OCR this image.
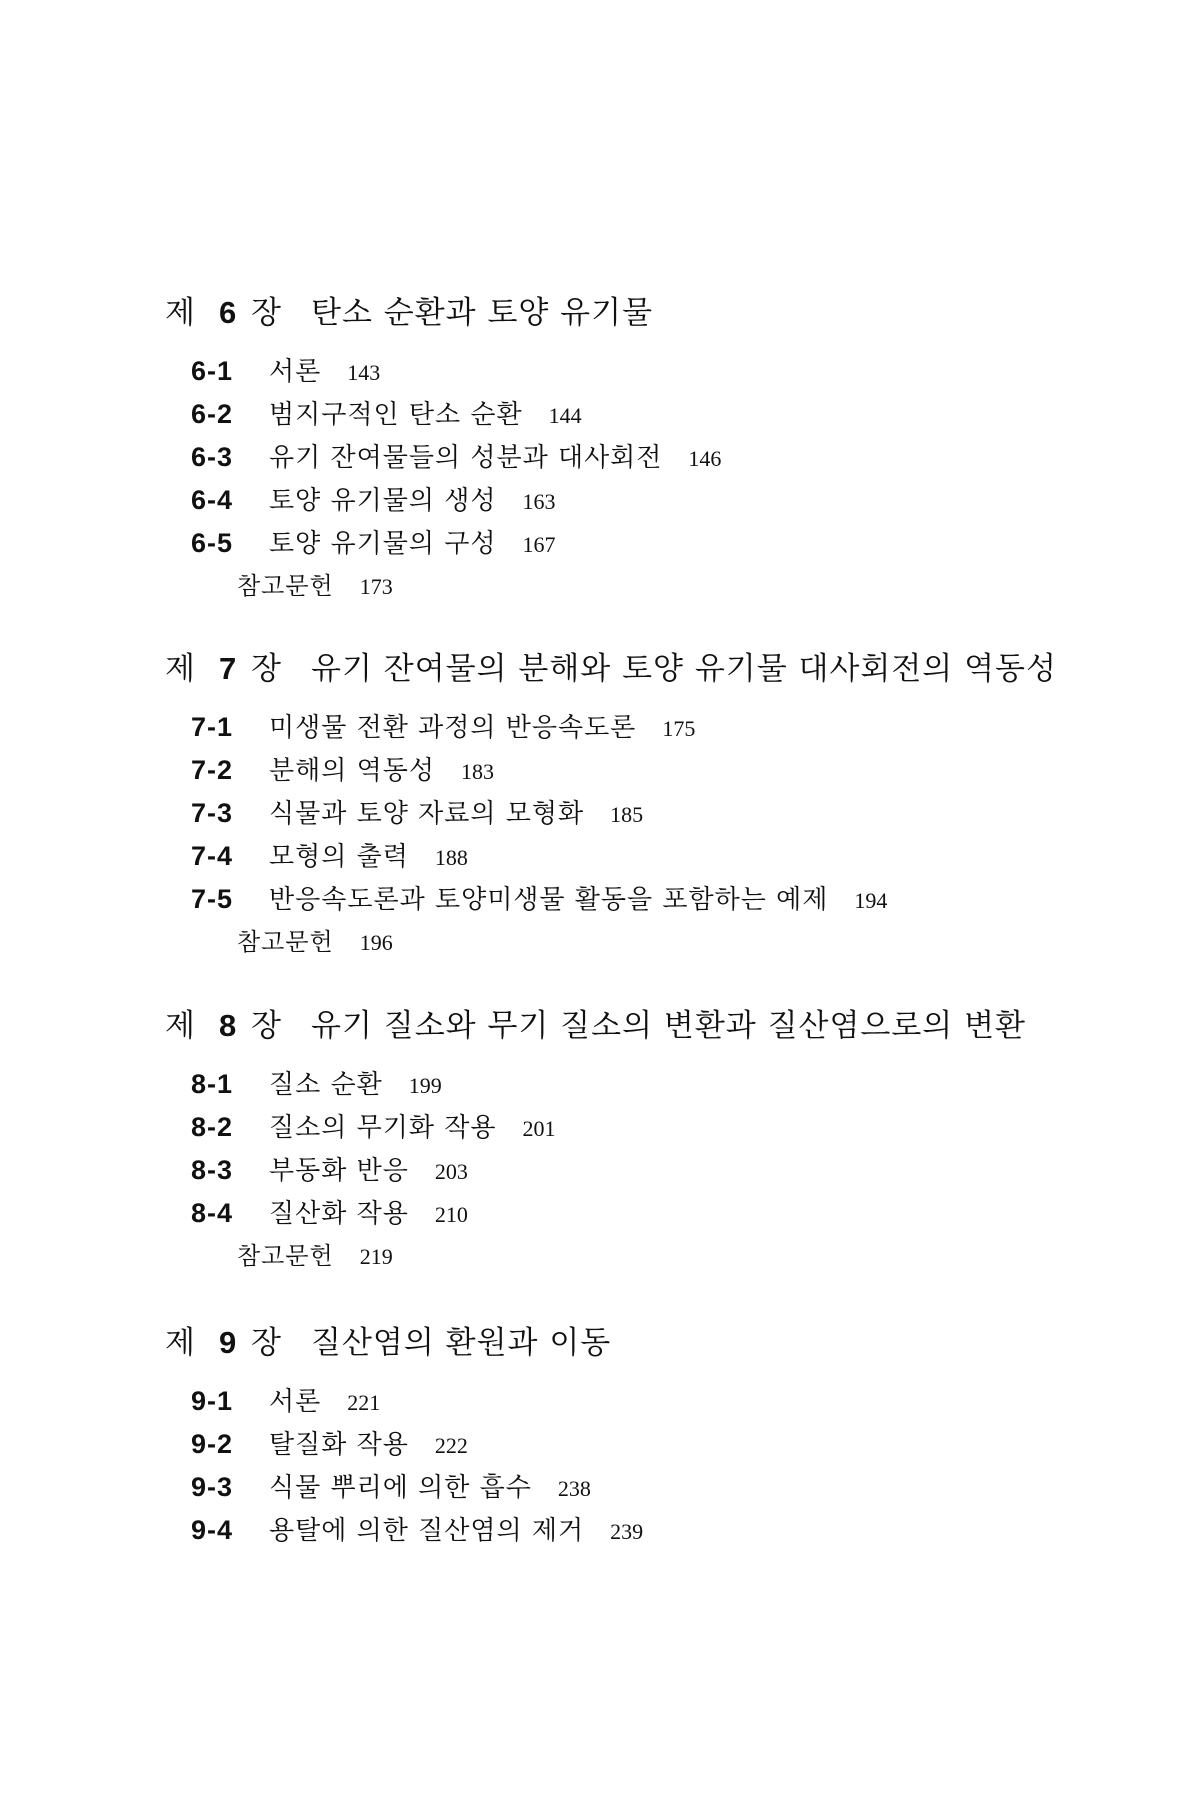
제 6 장 탄소 순환과 토양 유기물
6-1	서론 143
6-2	범지구적인 탄소 순환 144
6-3	유기 잔여물들의 성분과 대사회전 146
6-4	토양 유기물의 생성 163
6-5	토양 유기물의 구성 167
참고문헌 173
제 7 장 유기 잔여물의 분해와 토양 유기물 대사회전의 역동성
7-1	미생물 전환 과정의 반응속도론 175
7-2	분해의 역동성 183
7-3	식물과 토양 자료의 모형화 185
7-4	모형의 출력 188
7-5	반응속도론과 토양미생물 활동을 포함하는 예제 194
참고문헌 196
제 8 장 유기 질소와 무기 질소의 변환과 질산염으로의 변환
8-1	질소 순환 199
8-2	질소의 무기화 작용 201
8-3	부동화 반응 203
8-4	질산화 작용 210
참고문헌 219
제 9 장 질산염의 환원과 이동
9-1	서론 221
9-2	탈질화 작용 222
9-3	식물 뿌리에 의한 흡수 238
9-4	용탈에 의한 질산염의 제거 239
